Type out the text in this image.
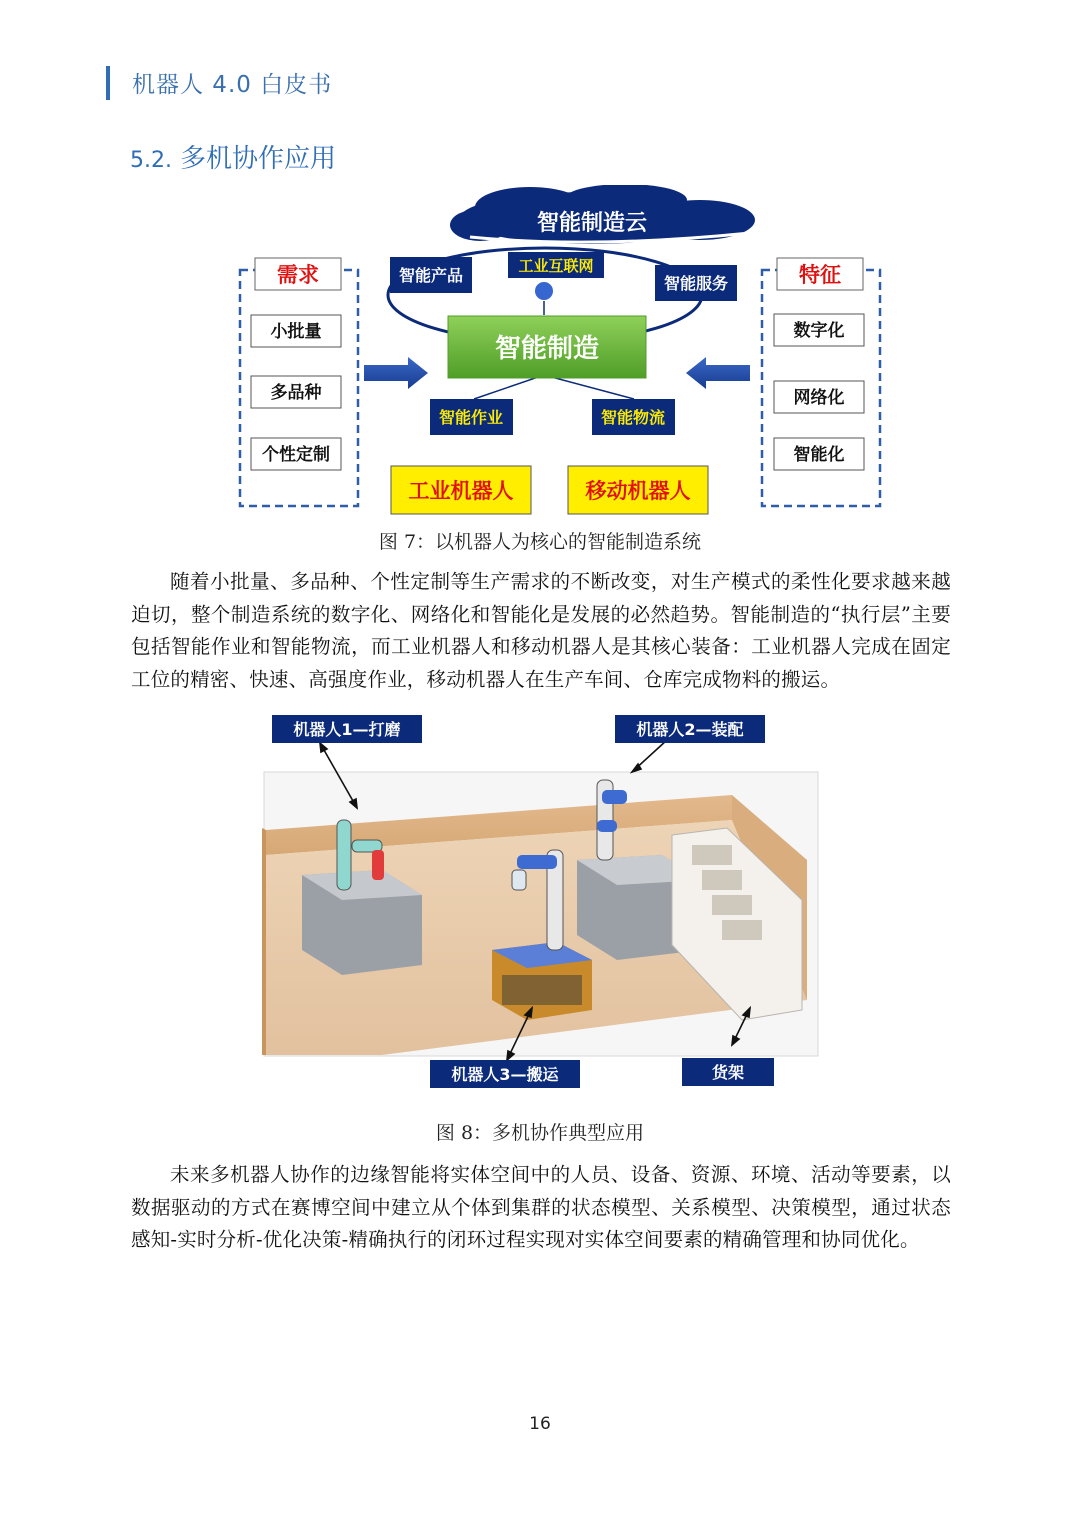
机器人 4.0 白皮书
5.2. 多机协作应用
智能制造云
工业互联网
智能产品	智能服务
智能制造
智能作业	智能物流
工业机器人	移动机器人
需求
小批量
多品种
个性定制
特征
数字化
网络化
智能化
图 7：以机器人为核心的智能制造系统
随着小批量、多品种、个性定制等生产需求的不断改变，对生产模式的柔性化要求越来越迫切，整个制造系统的数字化、网络化和智能化是发展的必然趋势。智能制造的“执行层”主要包括智能作业和智能物流，而工业机器人和移动机器人是其核心装备：工业机器人完成在固定工位的精密、快速、高强度作业，移动机器人在生产车间、仓库完成物料的搬运。
机器人1—打磨	机器人2—装配
机器人3—搬运	货架
图 8：多机协作典型应用
未来多机器人协作的边缘智能将实体空间中的人员、设备、资源、环境、活动等要素，以数据驱动的方式在赛博空间中建立从个体到集群的状态模型、关系模型、决策模型，通过状态感知-实时分析-优化决策-精确执行的闭环过程实现对实体空间要素的精确管理和协同优化。
16
